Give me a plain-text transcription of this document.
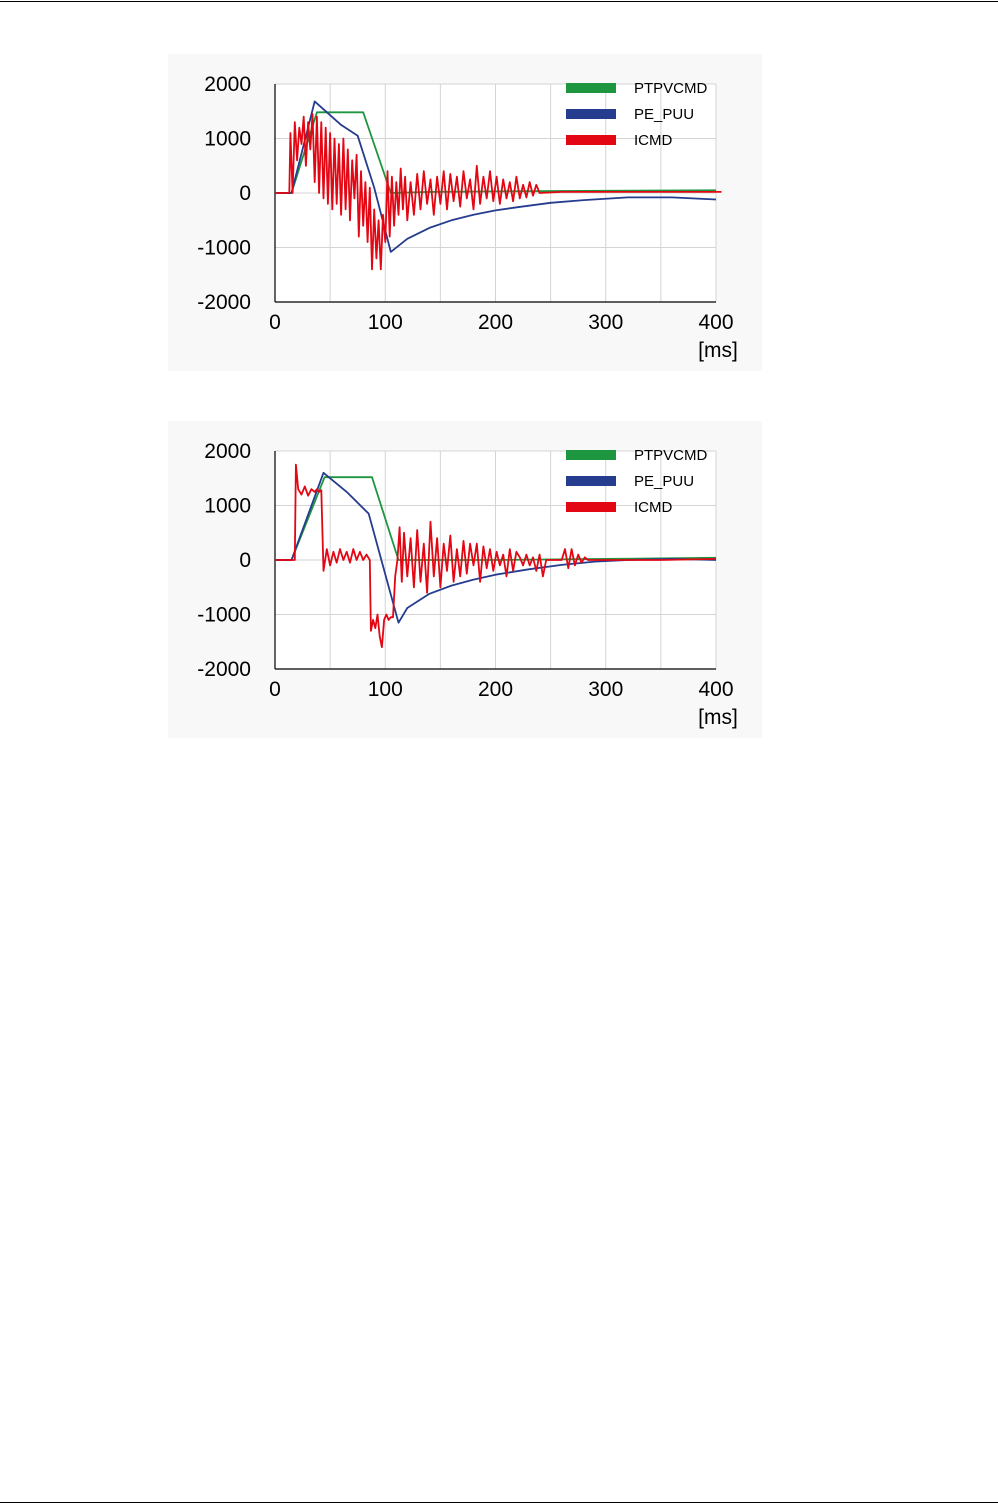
2000
1000
0
-1000
-2000
0	100	200	300	400
[ms]
PTPVCMD
PE_PUU
ICMD
2000
1000
0
-1000
-2000
0	100	200	300	400
[ms]
PTPVCMD
PE_PUU
ICMD
